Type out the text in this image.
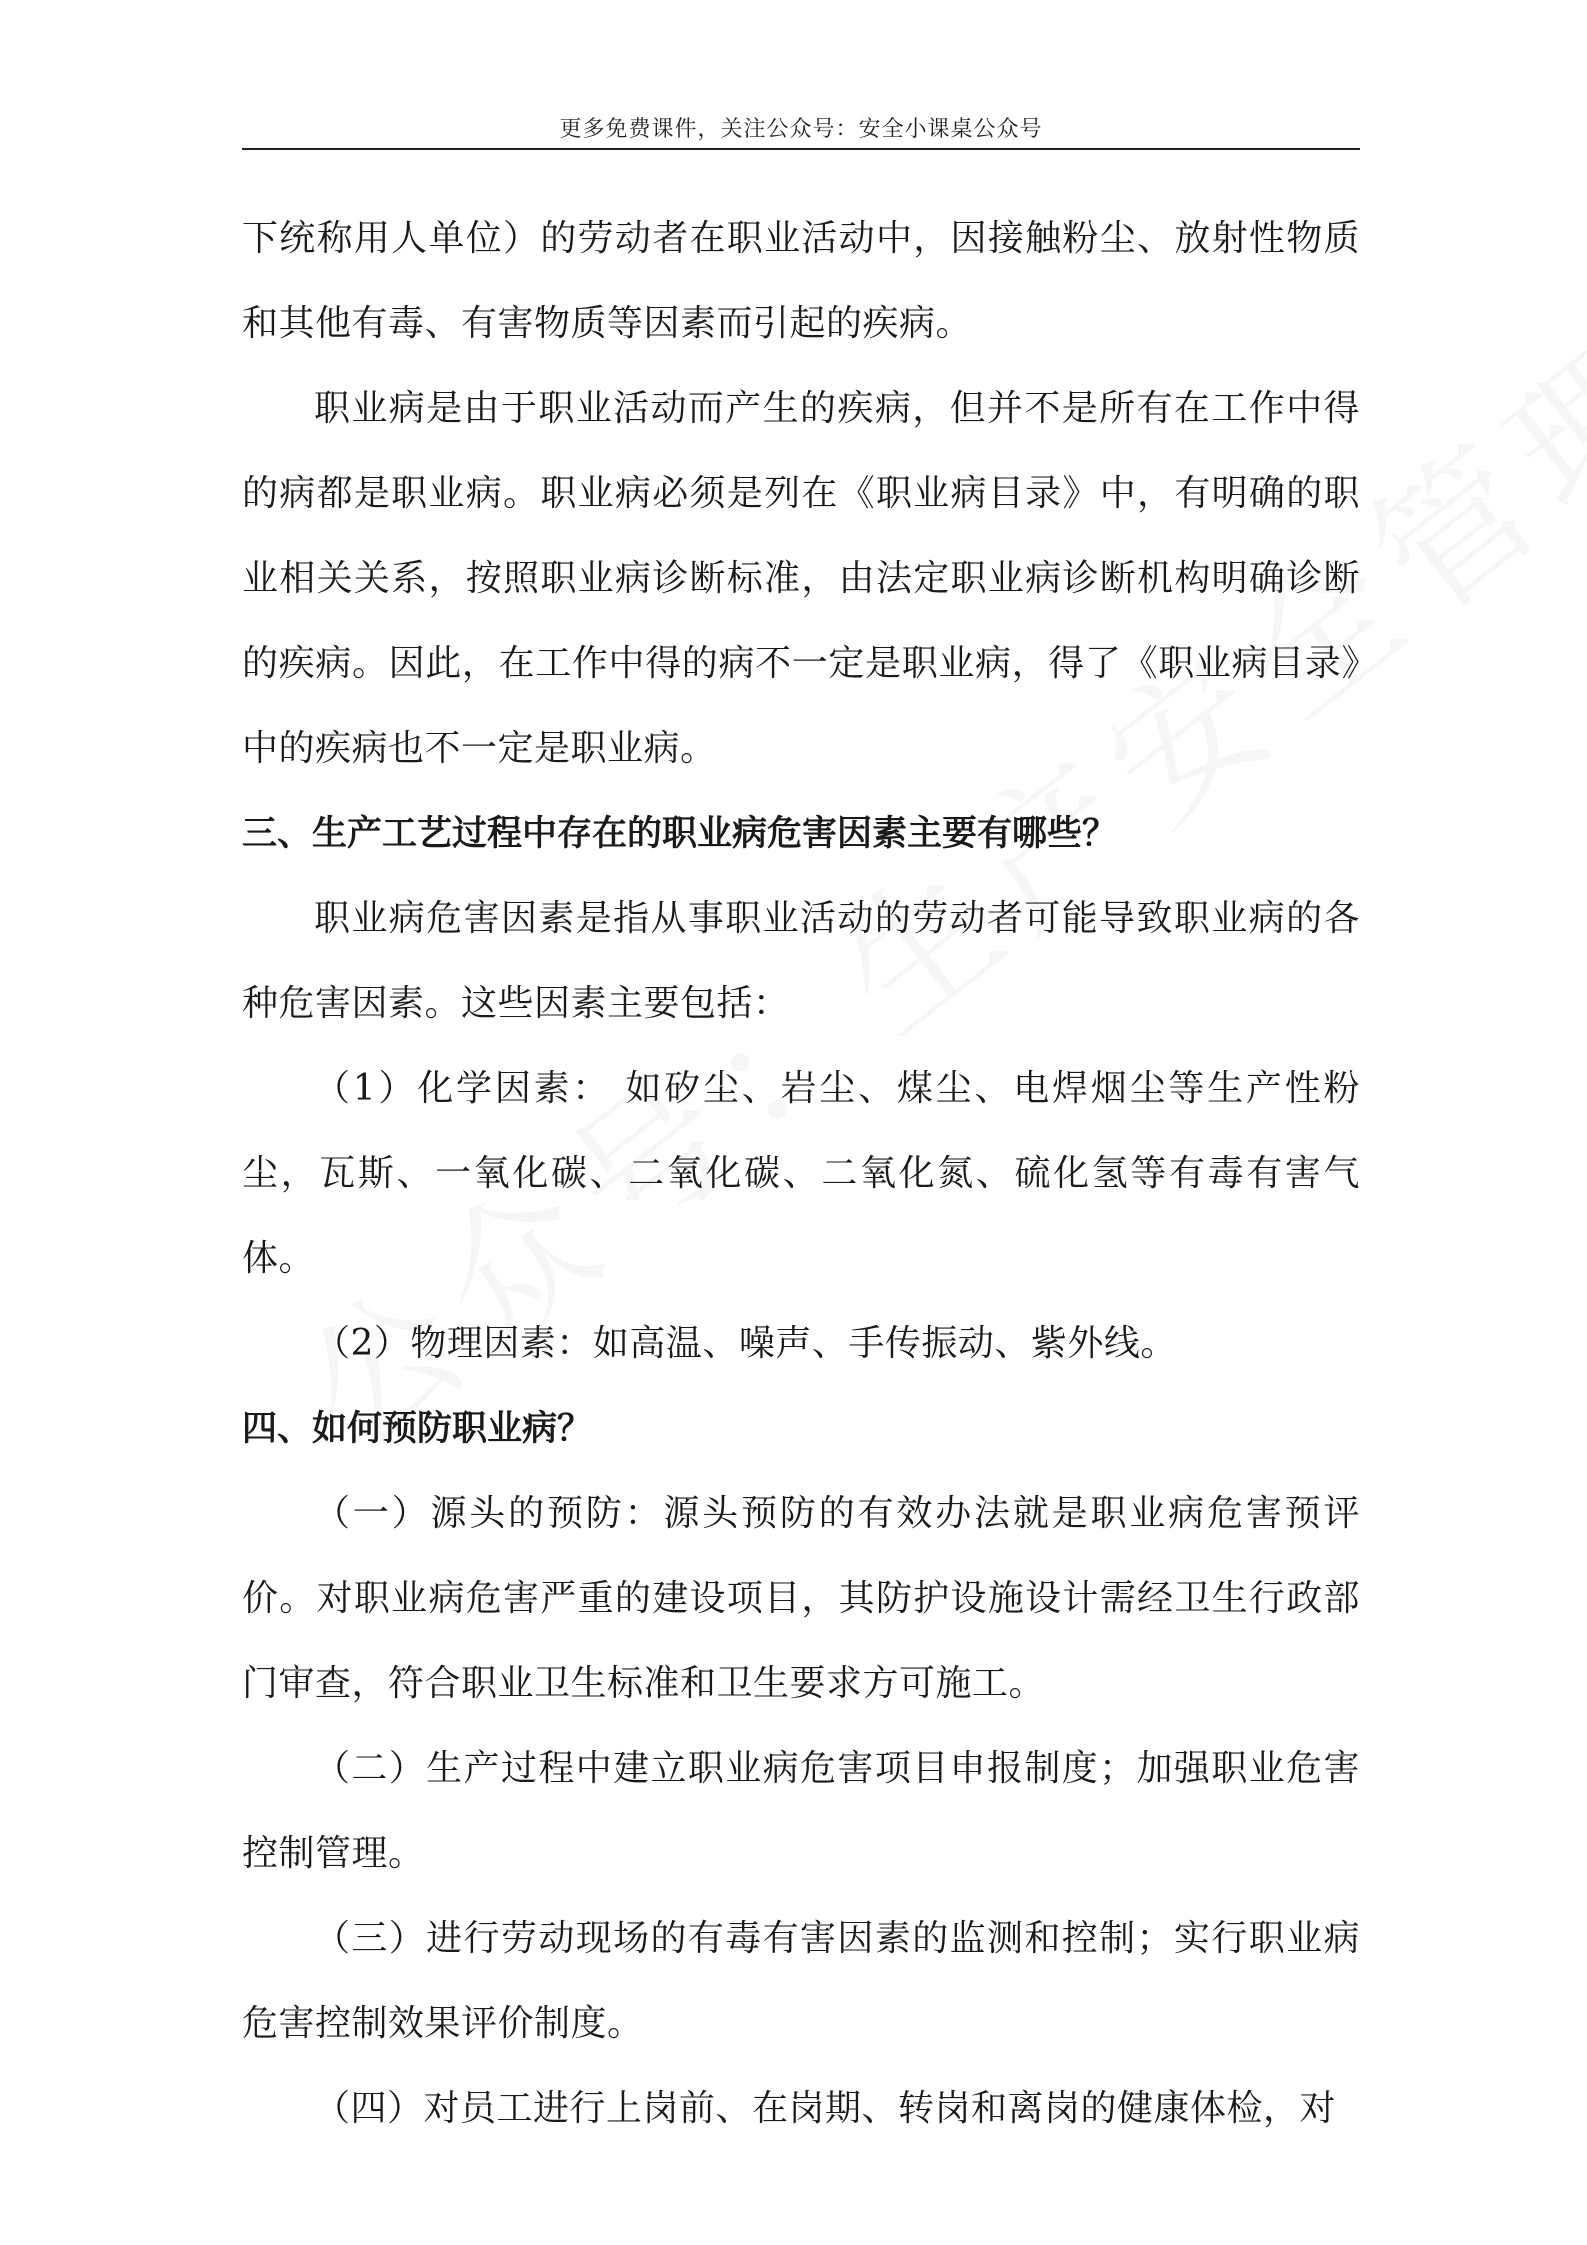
更多免费课件，关注公众号：安全小课桌公众号

下统称用人单位）的劳动者在职业活动中，因接触粉尘、放射性物质和其他有毒、有害物质等因素而引起的疾病。

职业病是由于职业活动而产生的疾病，但并不是所有在工作中得的病都是职业病。职业病必须是列在《职业病目录》中，有明确的职业相关关系，按照职业病诊断标准，由法定职业病诊断机构明确诊断的疾病。因此，在工作中得的病不一定是职业病，得了《职业病目录》中的疾病也不一定是职业病。

三、生产工艺过程中存在的职业病危害因素主要有哪些？

职业病危害因素是指从事职业活动的劳动者可能导致职业病的各种危害因素。这些因素主要包括：

（1）化学因素： 如矽尘、岩尘、煤尘、电焊烟尘等生产性粉尘，瓦斯、一氧化碳、二氧化碳、二氧化氮、硫化氢等有毒有害气体。

（2）物理因素：如高温、噪声、手传振动、紫外线。

四、如何预防职业病？

（一）源头的预防：源头预防的有效办法就是职业病危害预评价。对职业病危害严重的建设项目，其防护设施设计需经卫生行政部门审查，符合职业卫生标准和卫生要求方可施工。

（二）生产过程中建立职业病危害项目申报制度；加强职业危害控制管理。

（三）进行劳动现场的有毒有害因素的监测和控制；实行职业病危害控制效果评价制度。

（四）对员工进行上岗前、在岗期、转岗和离岗的健康体检，对
